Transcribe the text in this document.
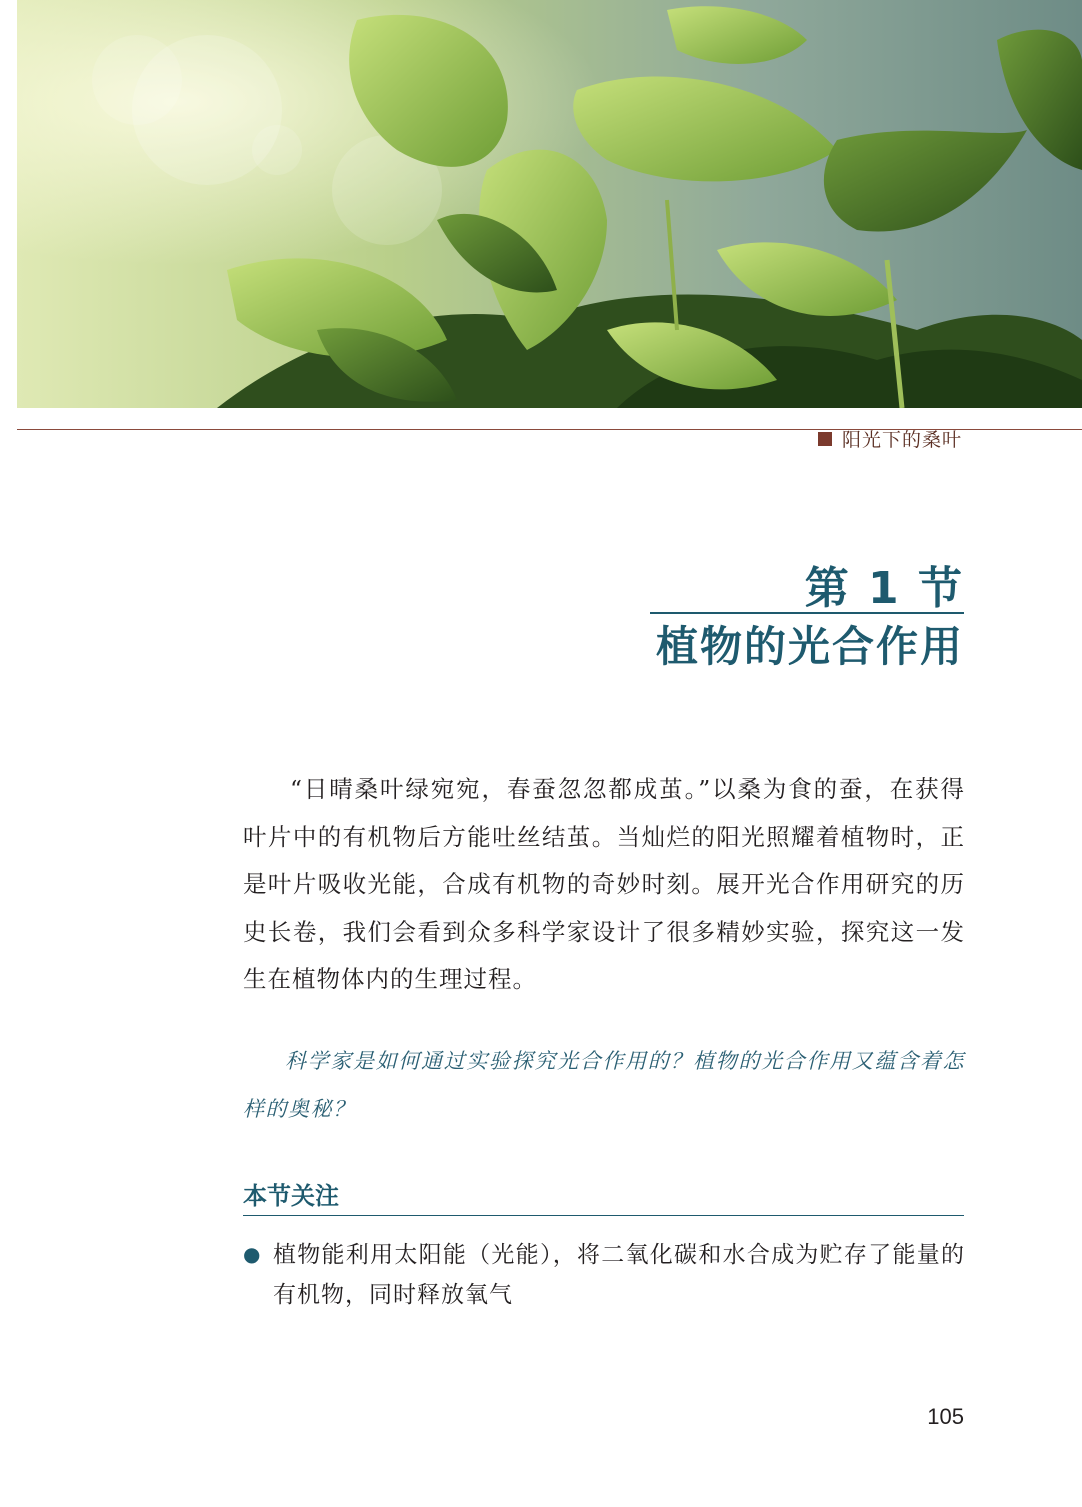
阳光下的桑叶
第 1 节
植物的光合作用

“日晴桑叶绿宛宛，春蚕忽忽都成茧。”以桑为食的蚕，在获得叶片中的有机物后方能吐丝结茧。当灿烂的阳光照耀着植物时，正是叶片吸收光能，合成有机物的奇妙时刻。展开光合作用研究的历史长卷，我们会看到众多科学家设计了很多精妙实验，探究这一发生在植物体内的生理过程。

科学家是如何通过实验探究光合作用的？植物的光合作用又蕴含着怎样的奥秘？

本节关注
● 植物能利用太阳能（光能），将二氧化碳和水合成为贮存了能量的有机物，同时释放氧气
105
